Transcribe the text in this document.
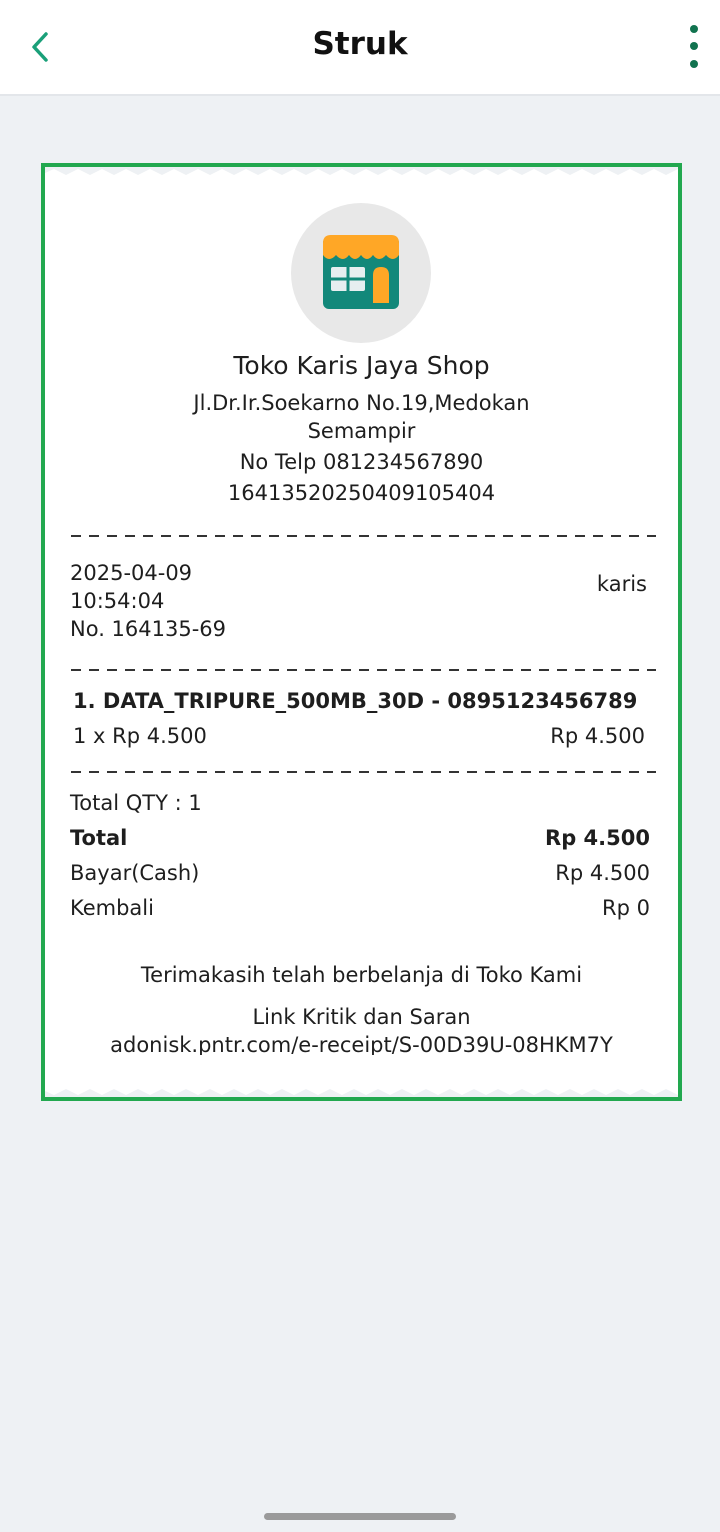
Struk
Toko Karis Jaya Shop
Jl.Dr.Ir.Soekarno No.19,Medokan
Semampir
No Telp 081234567890
16413520250409105404
2025-04-09
10:54:04
No. 164135-69
karis
1. DATA_TRIPURE_500MB_30D - 0895123456789
1 x Rp 4.500	Rp 4.500
Total QTY : 1
Total	Rp 4.500
Bayar(Cash)	Rp 4.500
Kembali	Rp 0
Terimakasih telah berbelanja di Toko Kami
Link Kritik dan Saran
adonisk.pntr.com/e-receipt/S-00D39U-08HKM7Y
